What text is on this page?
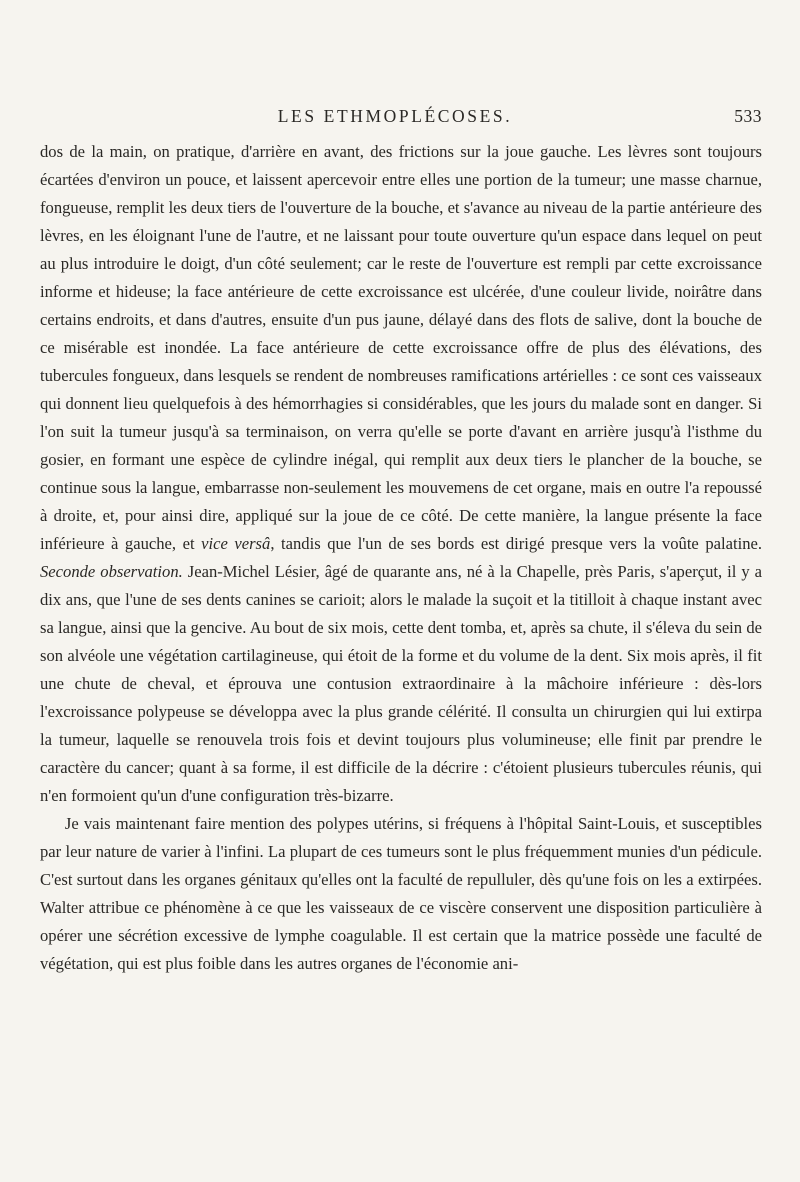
LES ETHMOPLÉCOSES.	533

dos de la main, on pratique, d'arrière en avant, des frictions sur la joue gauche. Les lèvres sont toujours écartées d'environ un pouce, et laissent apercevoir entre elles une portion de la tumeur; une masse charnue, fongueuse, remplit les deux tiers de l'ouverture de la bouche, et s'avance au niveau de la partie antérieure des lèvres, en les éloignant l'une de l'autre, et ne laissant pour toute ouverture qu'un espace dans lequel on peut au plus introduire le doigt, d'un côté seulement; car le reste de l'ouverture est rempli par cette excroissance informe et hideuse; la face antérieure de cette excroissance est ulcérée, d'une couleur livide, noirâtre dans certains endroits, et dans d'autres, ensuite d'un pus jaune, délayé dans des flots de salive, dont la bouche de ce misérable est inondée. La face antérieure de cette excroissance offre de plus des élévations, des tubercules fongueux, dans lesquels se rendent de nombreuses ramifications artérielles : ce sont ces vaisseaux qui donnent lieu quelquefois à des hémorrhagies si considérables, que les jours du malade sont en danger. Si l'on suit la tumeur jusqu'à sa terminaison, on verra qu'elle se porte d'avant en arrière jusqu'à l'isthme du gosier, en formant une espèce de cylindre inégal, qui remplit aux deux tiers le plancher de la bouche, se continue sous la langue, embarrasse non-seulement les mouvemens de cet organe, mais en outre l'a repoussé à droite, et, pour ainsi dire, appliqué sur la joue de ce côté. De cette manière, la langue présente la face inférieure à gauche, et vice versâ, tandis que l'un de ses bords est dirigé presque vers la voûte palatine. Seconde observation. Jean-Michel Lésier, âgé de quarante ans, né à la Chapelle, près Paris, s'aperçut, il y a dix ans, que l'une de ses dents canines se carioit; alors le malade la suçoit et la titilloit à chaque instant avec sa langue, ainsi que la gencive. Au bout de six mois, cette dent tomba, et, après sa chute, il s'éleva du sein de son alvéole une végétation cartilagineuse, qui étoit de la forme et du volume de la dent. Six mois après, il fit une chute de cheval, et éprouva une contusion extraordinaire à la mâchoire inférieure : dès-lors l'excroissance polypeuse se développa avec la plus grande célérité. Il consulta un chirurgien qui lui extirpa la tumeur, laquelle se renouvela trois fois et devint toujours plus volumineuse; elle finit par prendre le caractère du cancer; quant à sa forme, il est difficile de la décrire : c'étoient plusieurs tubercules réunis, qui n'en formoient qu'un d'une configuration très-bizarre.

Je vais maintenant faire mention des polypes utérins, si fréquens à l'hôpital Saint-Louis, et susceptibles par leur nature de varier à l'infini. La plupart de ces tumeurs sont le plus fréquemment munies d'un pédicule. C'est surtout dans les organes génitaux qu'elles ont la faculté de repulluler, dès qu'une fois on les a extirpées. Walter attribue ce phénomène à ce que les vaisseaux de ce viscère conservent une disposition particulière à opérer une sécrétion excessive de lymphe coagulable. Il est certain que la matrice possède une faculté de végétation, qui est plus foible dans les autres organes de l'économie ani-
